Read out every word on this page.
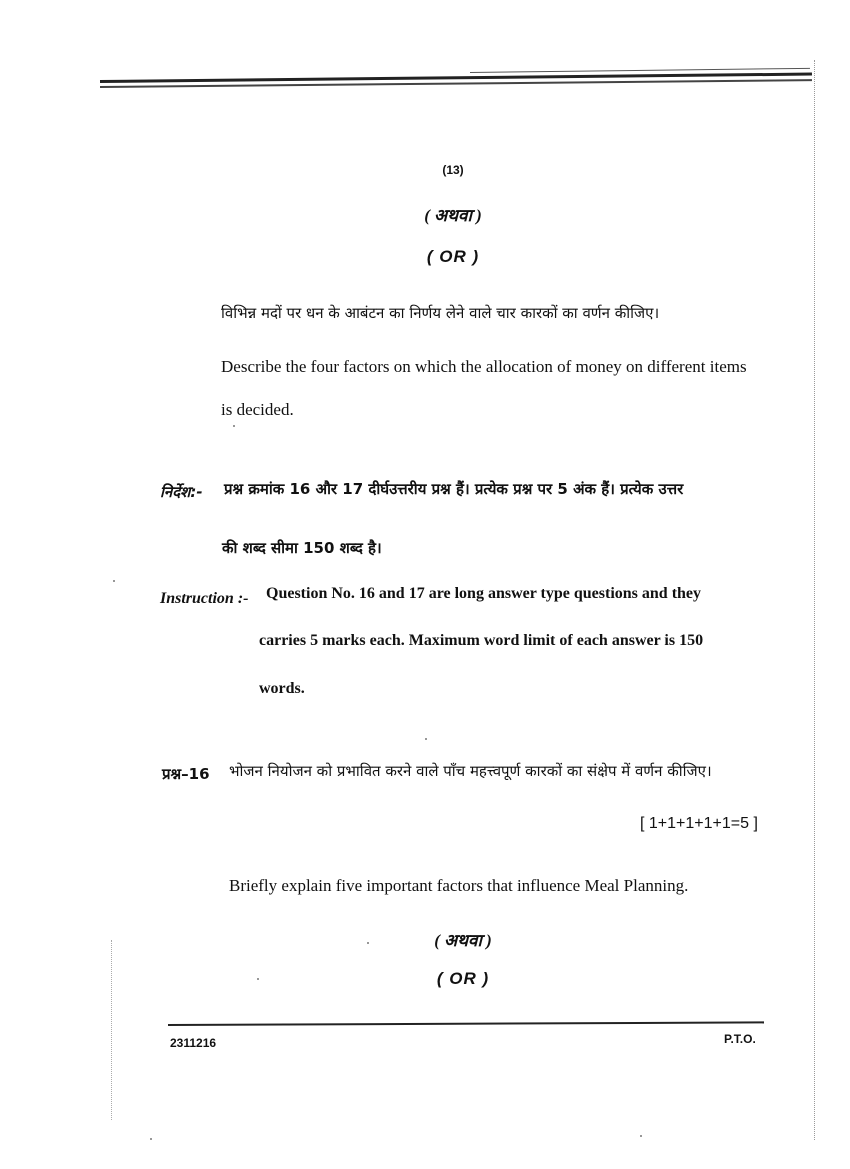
(13)
( अथवा )
( OR )
विभिन्न मदों पर धन के आबंटन का निर्णय लेने वाले चार कारकों का वर्णन कीजिए।
Describe the four factors on which the allocation of money on different items
is decided.
निर्देश:- प्रश्न क्रमांक 16 और 17 दीर्घउत्तरीय प्रश्न हैं। प्रत्येक प्रश्न पर 5 अंक हैं। प्रत्येक उत्तर
की शब्द सीमा 150 शब्द है।
Instruction :- Question No. 16 and 17 are long answer type questions and they
carries 5 marks each. Maximum word limit of each answer is 150
words.
प्रश्न–16 भोजन नियोजन को प्रभावित करने वाले पाँच महत्त्वपूर्ण कारकों का संक्षेप में वर्णन कीजिए।
[ 1+1+1+1+1=5 ]
Briefly explain five important factors that influence Meal Planning.
( अथवा )
( OR )
2311216	P.T.O.
